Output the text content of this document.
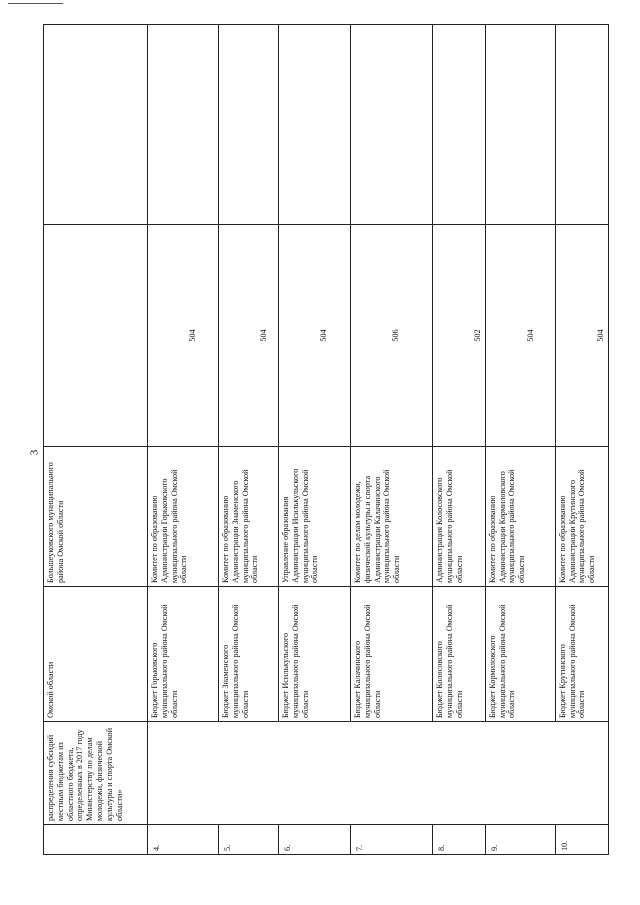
3
	распределения субсидий местным бюджетам из областного бюджета, определенных в 2017 году Министерству по делам молодежи, физической культуры и спорта Омской области»	Омской области	Большеуковского муниципального района Омской области		
4.		Бюджет Горьковского муниципального района Омской области	Комитет по образованию Администрации Горьковского муниципального района Омской области	504	
5.		Бюджет Знаменского муниципального района Омской области	Комитет по образованию Администрации Знаменского муниципального района Омской области	504	
6.		Бюджет Исилькульского муниципального района Омской области	Управление образования Администрации Исилькульского муниципального района Омской области	504	
7.		Бюджет Калачинского муниципального района Омской области	Комитет по делам молодежи, физической культуры и спорта Администрации Калачинского муниципального района Омской области	506	
8.		Бюджет Колосовского муниципального района Омской области	Администрация Колосовского муниципального района Омской области	502	
9.		Бюджет Кормиловского муниципального района Омской области	Комитет по образованию Администрации Кормиловского муниципального района Омской области	504	
10.		Бюджет Крутинского муниципального района Омской области	Комитет по образованию Администрации Крутинского муниципального района Омской области	504	
